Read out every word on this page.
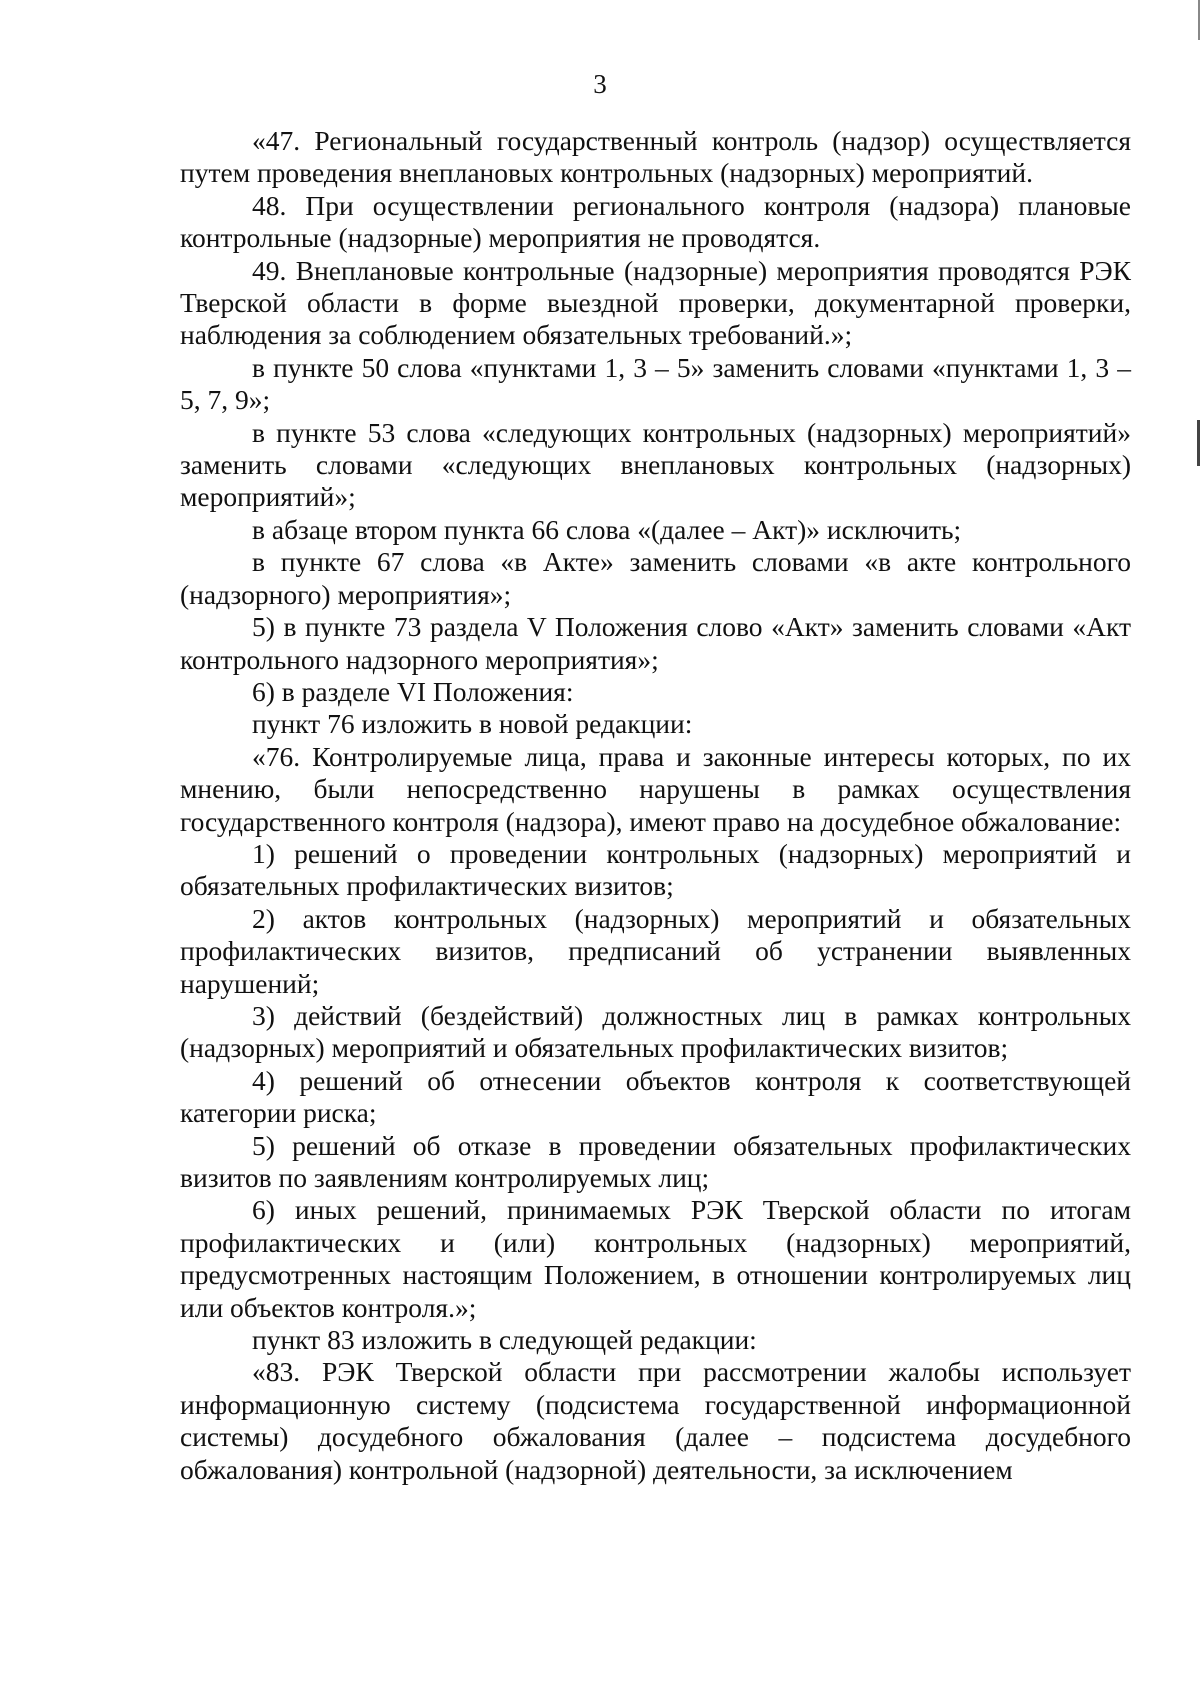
3

«47. Региональный государственный контроль (надзор) осуществляется путем проведения внеплановых контрольных (надзорных) мероприятий.

48. При осуществлении регионального контроля (надзора) плановые контрольные (надзорные) мероприятия не проводятся.

49. Внеплановые контрольные (надзорные) мероприятия проводятся РЭК Тверской области в форме выездной проверки, документарной проверки, наблюдения за соблюдением обязательных требований.»;

в пункте 50 слова «пунктами 1, 3 – 5» заменить словами «пунктами 1, 3 – 5, 7, 9»;

в пункте 53 слова «следующих контрольных (надзорных) мероприятий» заменить словами «следующих внеплановых контрольных (надзорных) мероприятий»;

в абзаце втором пункта 66 слова «(далее – Акт)» исключить;

в пункте 67 слова «в Акте» заменить словами «в акте контрольного (надзорного) мероприятия»;

5) в пункте 73 раздела V Положения слово «Акт» заменить словами «Акт контрольного надзорного мероприятия»;

6) в разделе VI Положения:

пункт 76 изложить в новой редакции:

«76. Контролируемые лица, права и законные интересы которых, по их мнению, были непосредственно нарушены в рамках осуществления государственного контроля (надзора), имеют право на досудебное обжалование:

1) решений о проведении контрольных (надзорных) мероприятий и обязательных профилактических визитов;

2) актов контрольных (надзорных) мероприятий и обязательных профилактических визитов, предписаний об устранении выявленных нарушений;

3) действий (бездействий) должностных лиц в рамках контрольных (надзорных) мероприятий и обязательных профилактических визитов;

4) решений об отнесении объектов контроля к соответствующей категории риска;

5) решений об отказе в проведении обязательных профилактических визитов по заявлениям контролируемых лиц;

6) иных решений, принимаемых РЭК Тверской области по итогам профилактических и (или) контрольных (надзорных) мероприятий, предусмотренных настоящим Положением, в отношении контролируемых лиц или объектов контроля.»;

пункт 83 изложить в следующей редакции:

«83. РЭК Тверской области при рассмотрении жалобы использует информационную систему (подсистема государственной информационной системы) досудебного обжалования (далее – подсистема досудебного обжалования) контрольной (надзорной) деятельности, за исключением
